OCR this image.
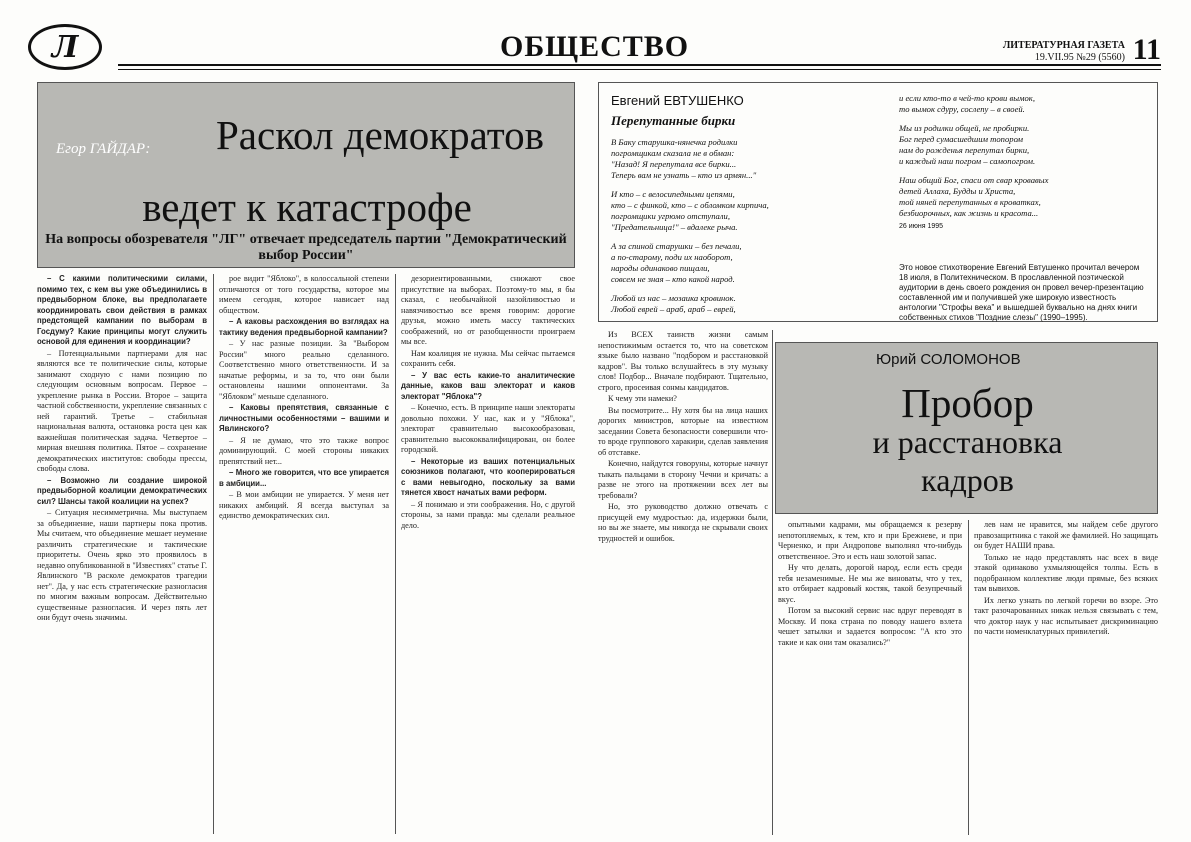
Л	ОБЩЕСТВО	ЛИТЕРАТУРНАЯ ГАЗЕТА
19.VII.95 №29 (5560) 11
Егор ГАЙДАР:	Раскол демократов
ведет к катастрофе
На вопросы обозревателя "ЛГ" отвечает председатель партии "Демократический выбор России"

– С какими политическими силами, помимо тех, с кем вы уже объединились в предвыборном блоке, вы предполагаете координировать свои действия в рамках предстоящей кампании по выборам в Госдуму? Какие принципы могут служить основой для единения и координации?

– Потенциальными партнерами для нас являются все те политические силы, которые занимают сходную с нами позицию по следующим основным вопросам. Первое – укрепление рынка в России. Второе – защита частной собственности, укрепление связанных с ней гарантий. Третье – стабильная национальная валюта, остановка роста цен как важнейшая политическая задача. Четвертое – мирная внешняя политика. Пятое – сохранение демократических институтов: свободы прессы, свободы слова.

– Возможно ли создание широкой предвыборной коалиции демократических сил? Шансы такой коалиции на успех?

– Ситуация несимметрична. Мы выступаем за объединение, наши партнеры пока против. Мы считаем, что объединение мешает неумение различить стратегические и тактические приоритеты. Очень ярко это проявилось в недавно опубликованной в "Известиях" статье Г. Явлинского "В расколе демократов трагедии нет". Да, у нас есть стратегические разногласия по многим важным вопросам. Действительно существенные разногласия. И через пять лет они будут очень значимы.

рое видит "Яблоко", в колоссальной степени отличаются от того государства, которое мы имеем сегодня, которое нависает над обществом.

– А каковы расхождения во взглядах на тактику ведения предвыборной кампании?

– У нас разные позиции. За "Выбором России" много реально сделанного. Соответственно много ответственности. И за начатые реформы, и за то, что они были остановлены нашими оппонентами. За "Яблоком" меньше сделанного.

– Каковы препятствия, связанные с личностными особенностями – вашими и Явлинского?

– Я не думаю, что это также вопрос доминирующий. С моей стороны никаких препятствий нет...

– Много же говорится, что все упирается в амбиции...

– В мои амбиции не упирается. У меня нет никаких амбиций. Я всегда выступал за единство демократических сил.

дезориентированными, снижают свое присутствие на выборах. Поэтому-то мы, я бы сказал, с необычайной назойливостью и навязчивостью все время говорим: дорогие друзья, можно иметь массу тактических соображений, но от разобщенности проиграем мы все.

Нам коалиция не нужна. Мы сейчас пытаемся сохранить себя.

– У вас есть какие-то аналитические данные, каков ваш электорат и каков электорат "Яблока"?

– Конечно, есть. В принципе наши электораты довольно похожи. У нас, как и у "Яблока", электорат сравнительно высокообразован, сравнительно высококвалифицирован, он более городской.

– Некоторые из ваших потенциальных союзников полагают, что кооперироваться с вами невыгодно, поскольку за вами тянется хвост начатых вами реформ.

– Я понимаю и эти соображения. Но, с другой стороны, за нами правда: мы сделали реальное дело.

Евгений ЕВТУШЕНКО
Перепутанные бирки
В Баку старушка-нянечка родилки
погромщикам сказала не в обман:
"Назад! Я перепутала все бирки...
Теперь вам не узнать – кто из армян..."
И кто – с велосипедными цепями,
кто – с финкой, кто – с обломком кирпича,
погромщики угрюмо отступали,
"Предательница!" – вдалеке рыча.
А за спиной старушки – без печали,
а по-старому, поди их наоборот,
народы одинаково пищали,
совсем не зная – кто какой народ.
Любой из нас – мозаика кровинок.
Любой еврей – араб, араб – еврей,
и если кто-то в чей-то крови вымок,
то вымок сдуру, сослепу – в своей.
Мы из родилки общей, не пробирки.
Бог перед сумасшедшим топором
нам до рожденья перепутал бирки,
и каждый наш погром – самопогром.
Наш общий Бог, спаси от свар кровавых
детей Аллаха, Будды и Христа,
той няней перепутанных в кроватках,
безбиорочных, как жизнь и красота...
26 июня 1995
Это новое стихотворение Евгений Евтушенко прочитал вечером 18 июля, в Политехническом. В прославленной поэтической аудитории в день своего рождения он провел вечер-презентацию составленной им и получившей уже широкую известность антологии "Строфы века" и вышедшей буквально на днях книги собственных стихов "Поздние слезы" (1990–1995).

Из ВСЕХ таинств жизни самым непостижимым остается то, что на советском языке было названо "подбором и расстановкой кадров". Вы только вслушайтесь в эту музыку слов! Подбор... Вначале подбирают. Тщательно, строго, просеивая сонмы кандидатов.

К чему эти намеки?

Вы посмотрите... Ну хотя бы на лица наших дорогих министров, которые на известном заседании Совета безопасности совершили что-то вроде группового харакири, сделав заявления об отставке.

Конечно, найдутся говоруны, которые начнут тыкать пальцами в сторону Чечни и кричать: а разве не этого на протяжении всех лет вы требовали?

Но, это руководство должно отвечать с присущей ему мудростью: да, издержки были, но вы же знаете, мы никогда не скрывали своих трудностей и ошибок.

Юрий СОЛОМОНОВ
Пробор
и расстановка
кадров

опытными кадрами, мы обращаемся к резерву непотопляемых, к тем, кто и при Брежневе, и при Черненко, и при Андропове выполнял что-нибудь ответственное. Это и есть наш золотой запас.

Ну что делать, дорогой народ, если есть среди тебя незаменимые. Не мы же виноваты, что у тех, кто отбирает кадровый костяк, такой безупречный вкус.

Потом за высокий сервис нас вдруг переводят в Москву. И пока страна по поводу нашего взлета чешет затылки и задается вопросом: "А кто это такие и как они там оказались?"

лев нам не нравится, мы найдем себе другого правозащитника с такой же фамилией. Но защищать он будет НАШИ права.

Только не надо представлять нас всех в виде этакой одинаково ухмыляющейся толпы. Есть в подобранном коллективе люди прямые, без всяких там вывихов.

Их легко узнать по легкой горечи во взоре. Это такт разочарованных никак нельзя связывать с тем, что доктор наук у нас испытывает дискриминацию по части номенклатурных привилегий.
